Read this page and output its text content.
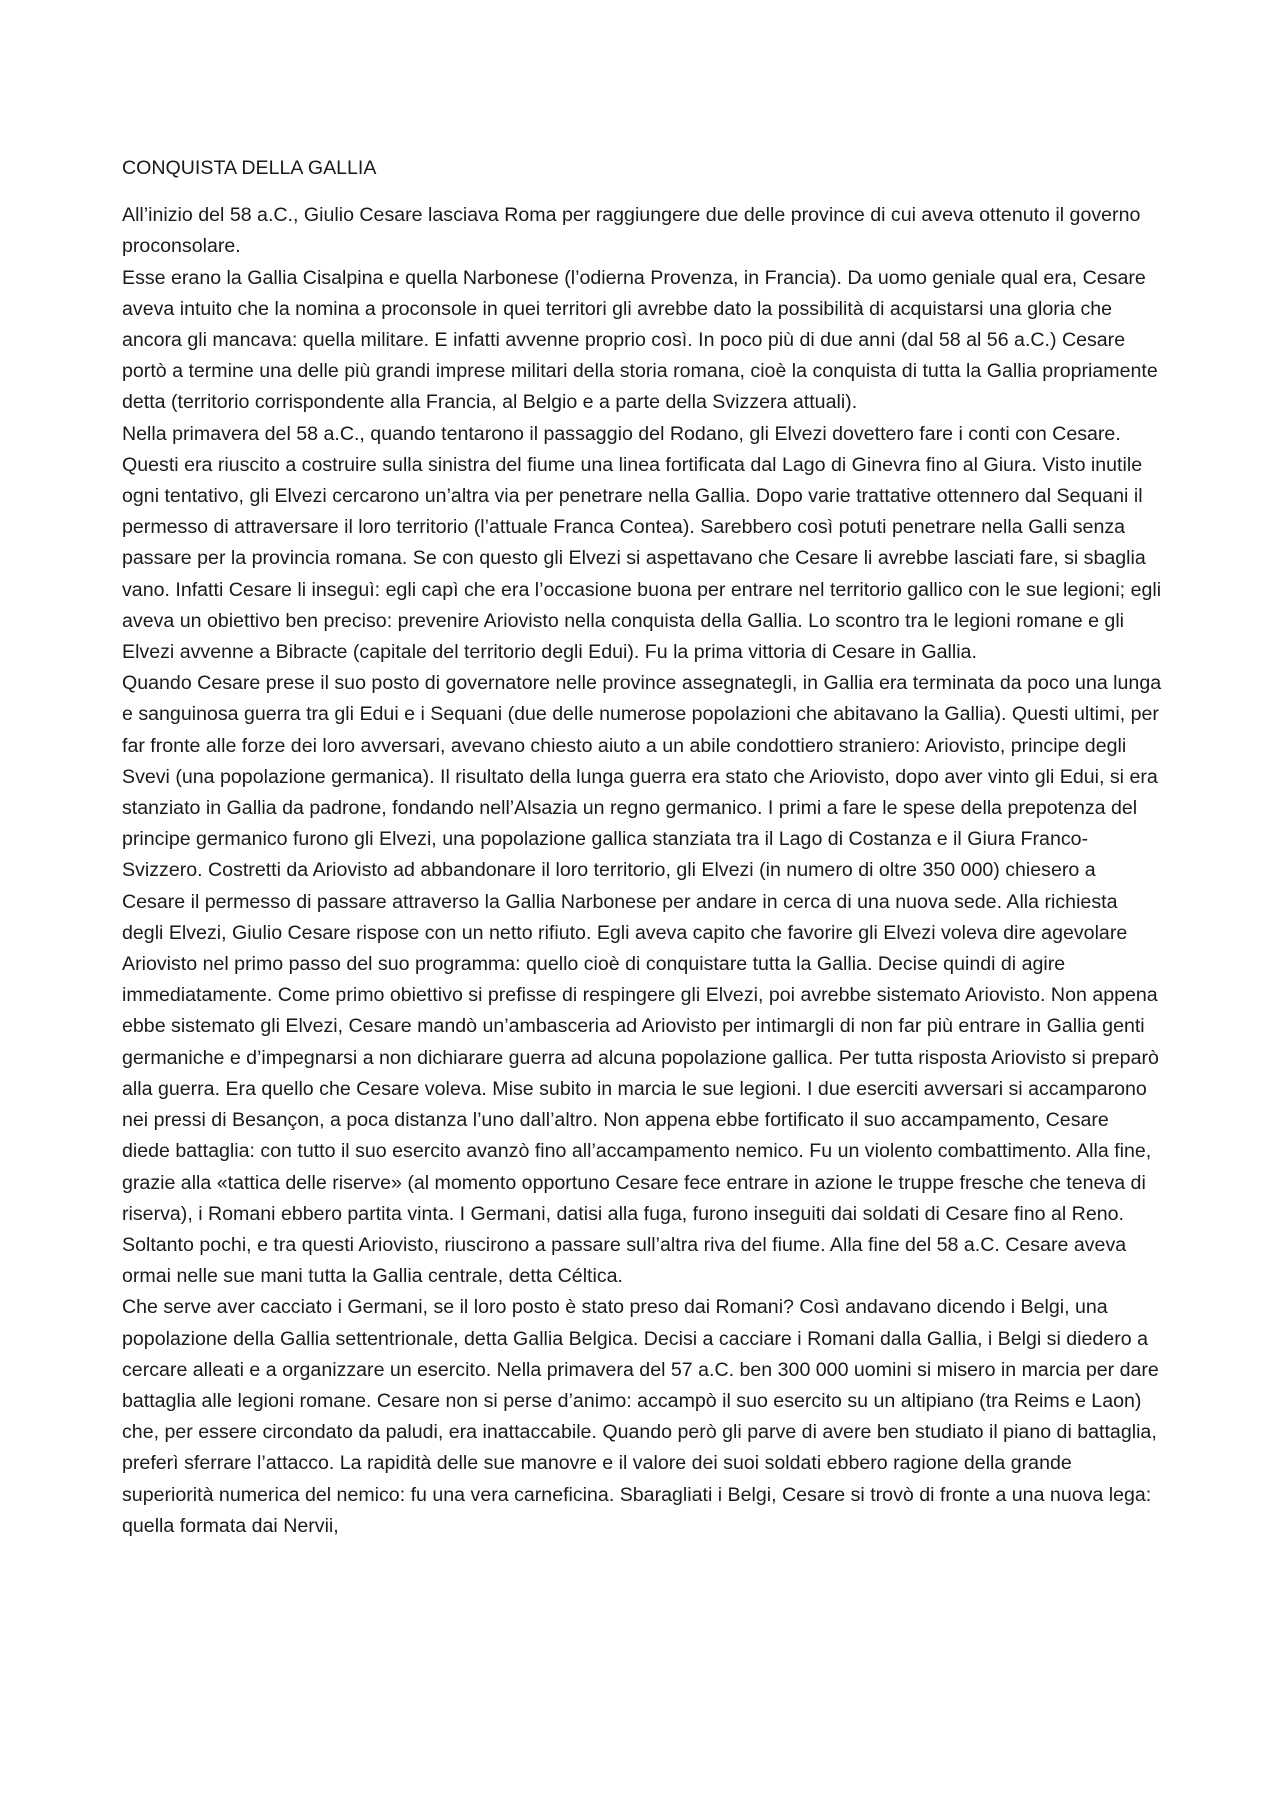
CONQUISTA DELLA GALLIA

All’inizio del 58 a.C., Giulio Cesare lasciava Roma per raggiungere due delle province di cui aveva ottenuto il governo proconsolare.

Esse erano la Gallia Cisalpina e quella Narbonese (l’odierna Provenza, in Francia). Da uomo geniale qual era, Cesare aveva intuito che la nomina a proconsole in quei territori gli avrebbe dato la possibilità di acquistarsi una gloria che ancora gli mancava: quella militare. E infatti avvenne proprio così. In poco più di due anni (dal 58 al 56 a.C.) Cesare portò a termine una delle più grandi imprese militari della storia romana, cioè la conquista di tutta la Gallia propriamente detta (territorio corrispondente alla Francia, al Belgio e a parte della Svizzera attuali).

Nella primavera del 58 a.C., quando tentarono il passaggio del Rodano, gli Elvezi dovettero fare i conti con Cesare. Questi era riuscito a costruire sulla sinistra del fiume una linea fortificata dal Lago di Ginevra fino al Giura. Visto inutile ogni tentativo, gli Elvezi cercarono un’altra via per penetrare nella Gallia. Dopo varie trattative ottennero dal Sequani il permesso di attraversare il loro territorio (l’attuale Franca Contea). Sarebbero così potuti penetrare nella Galli senza passare per la provincia romana. Se con questo gli Elvezi si aspettavano che Cesare li avrebbe lasciati fare, si sbaglia vano. Infatti Cesare li inseguì: egli capì che era l’occasione buona per entrare nel territorio gallico con le sue legioni; egli aveva un obiettivo ben preciso: prevenire Ariovisto nella conquista della Gallia. Lo scontro tra le legioni romane e gli Elvezi avvenne a Bibracte (capitale del territorio degli Edui). Fu la prima vittoria di Cesare in Gallia.

Quando Cesare prese il suo posto di governatore nelle province assegnategli, in Gallia era terminata da poco una lunga e sanguinosa guerra tra gli Edui e i Sequani (due delle numerose popolazioni che abitavano la Gallia). Questi ultimi, per far fronte alle forze dei loro avversari, avevano chiesto aiuto a un abile condottiero straniero: Ariovisto, principe degli Svevi (una popolazione germanica). Il risultato della lunga guerra era stato che Ariovisto, dopo aver vinto gli Edui, si era stanziato in Gallia da padrone, fondando nell’Alsazia un regno germanico. I primi a fare le spese della prepotenza del principe germanico furono gli Elvezi, una popolazione gallica stanziata tra il Lago di Costanza e il Giura Franco-Svizzero. Costretti da Ariovisto ad abbandonare il loro territorio, gli Elvezi (in numero di oltre 350 000) chiesero a Cesare il permesso di passare attraverso la Gallia Narbonese per andare in cerca di una nuova sede. Alla richiesta degli Elvezi, Giulio Cesare rispose con un netto rifiuto. Egli aveva capito che favorire gli Elvezi voleva dire agevolare Ariovisto nel primo passo del suo programma: quello cioè di conquistare tutta la Gallia. Decise quindi di agire immediatamente. Come primo obiettivo si prefisse di respingere gli Elvezi, poi avrebbe sistemato Ariovisto. Non appena ebbe sistemato gli Elvezi, Cesare mandò un’ambasceria ad Ariovisto per intimargli di non far più entrare in Gallia genti germaniche e d’impegnarsi a non dichiarare guerra ad alcuna popolazione gallica. Per tutta risposta Ariovisto si preparò alla guerra. Era quello che Cesare voleva. Mise subito in marcia le sue legioni. I due eserciti avversari si accamparono nei pressi di Besançon, a poca distanza l’uno dall’altro. Non appena ebbe fortificato il suo accampamento, Cesare diede battaglia: con tutto il suo esercito avanzò fino all’accampamento nemico. Fu un violento combattimento. Alla fine, grazie alla «tattica delle riserve» (al momento opportuno Cesare fece entrare in azione le truppe fresche che teneva di riserva), i Romani ebbero partita vinta. I Germani, datisi alla fuga, furono inseguiti dai soldati di Cesare fino al Reno. Soltanto pochi, e tra questi Ariovisto, riuscirono a passare sull’altra riva del fiume. Alla fine del 58 a.C. Cesare aveva ormai nelle sue mani tutta la Gallia centrale, detta Céltica.

Che serve aver cacciato i Germani, se il loro posto è stato preso dai Romani? Così andavano dicendo i Belgi, una popolazione della Gallia settentrionale, detta Gallia Belgica. Decisi a cacciare i Romani dalla Gallia, i Belgi si diedero a cercare alleati e a organizzare un esercito. Nella primavera del 57 a.C. ben 300 000 uomini si misero in marcia per dare battaglia alle legioni romane. Cesare non si perse d’animo: accampò il suo esercito su un altipiano (tra Reims e Laon) che, per essere circondato da paludi, era inattaccabile. Quando però gli parve di avere ben studiato il piano di battaglia, preferì sferrare l’attacco. La rapidità delle sue manovre e il valore dei suoi soldati ebbero ragione della grande superiorità numerica del nemico: fu una vera carneficina. Sbaragliati i Belgi, Cesare si trovò di fronte a una nuova lega: quella formata dai Nervii,
